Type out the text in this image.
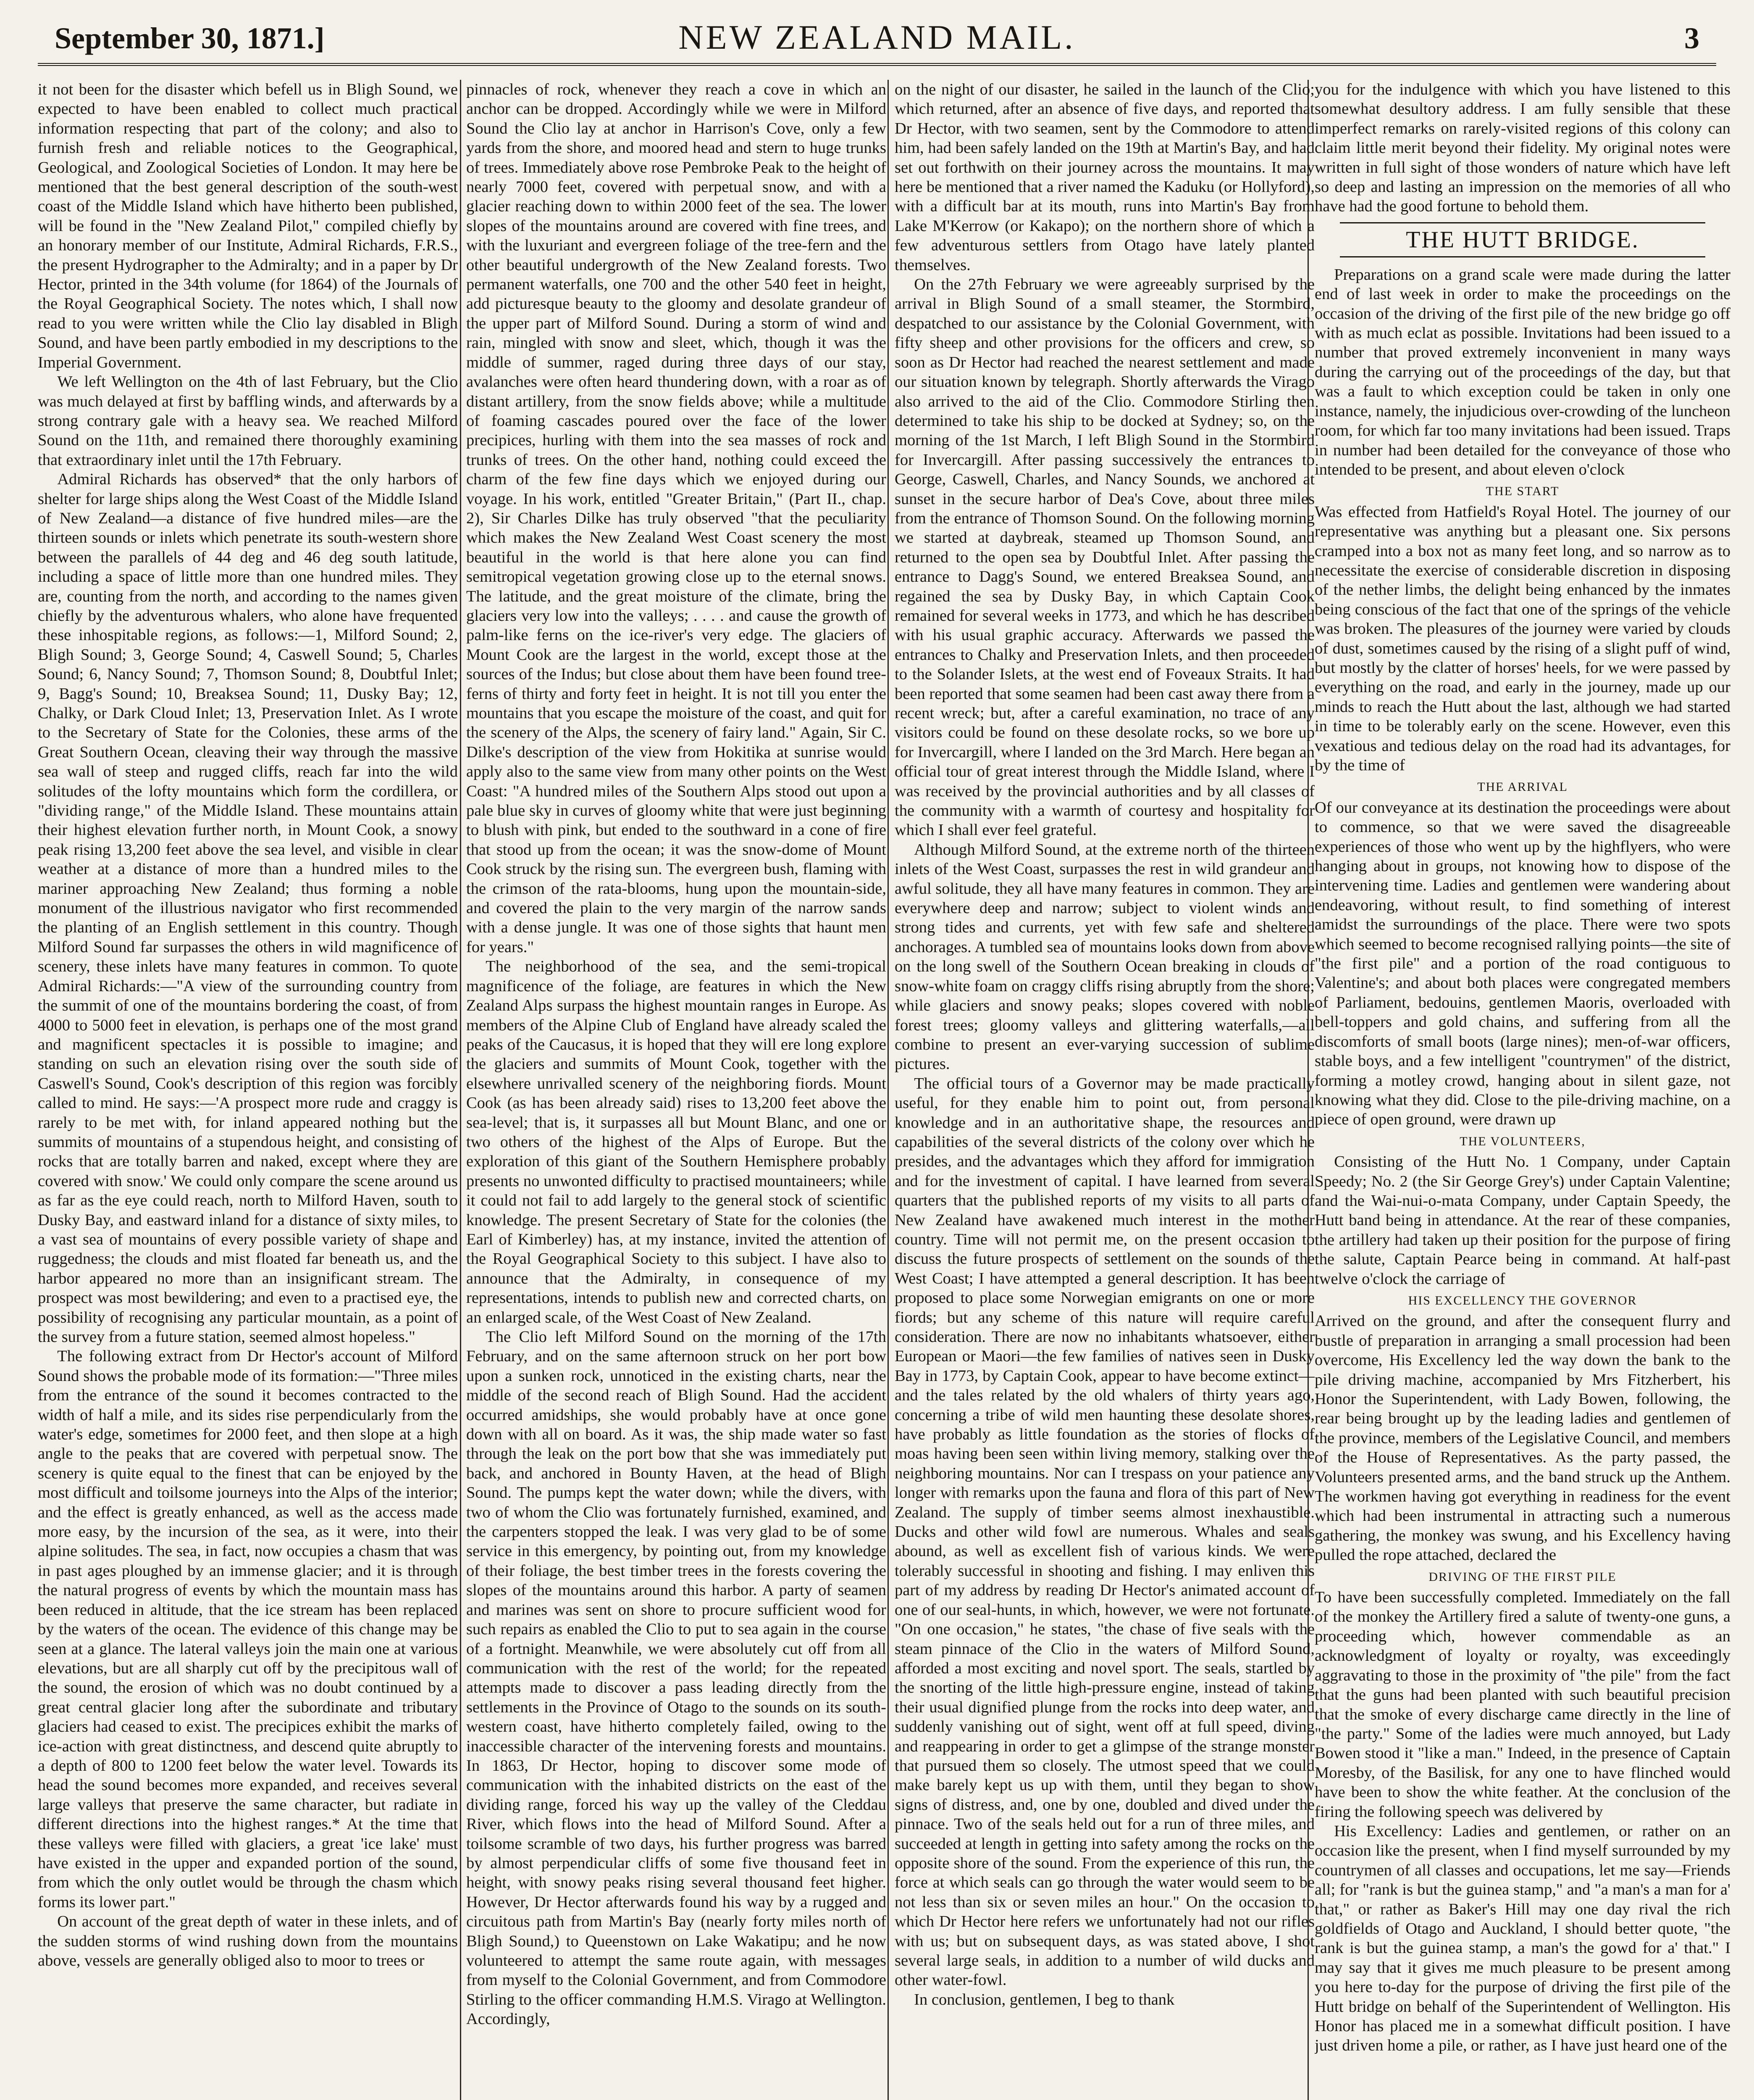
September 30, 1871.]	NEW ZEALAND MAIL.	3

it not been for the disaster which befell us in Bligh Sound, we expected to have been enabled to collect much practical information respecting that part of the colony; and also to furnish fresh and reliable notices to the Geographical, Geological, and Zoological Societies of London. It may here be mentioned that the best general description of the south-west coast of the Middle Island which have hitherto been published, will be found in the "New Zealand Pilot," compiled chiefly by an honorary member of our Institute, Admiral Richards, F.R.S., the present Hydrographer to the Admiralty; and in a paper by Dr Hector, printed in the 34th volume (for 1864) of the Journals of the Royal Geographical Society. The notes which, I shall now read to you were written while the Clio lay disabled in Bligh Sound, and have been partly embodied in my descriptions to the Imperial Government.

We left Wellington on the 4th of last February, but the Clio was much delayed at first by baffling winds, and afterwards by a strong contrary gale with a heavy sea. We reached Milford Sound on the 11th, and remained there thoroughly examining that extraordinary inlet until the 17th February.

Admiral Richards has observed* that the only harbors of shelter for large ships along the West Coast of the Middle Island of New Zealand—a distance of five hundred miles—are the thirteen sounds or inlets which penetrate its south-western shore between the parallels of 44 deg and 46 deg south latitude, including a space of little more than one hundred miles. They are, counting from the north, and according to the names given chiefly by the adventurous whalers, who alone have frequented these inhospitable regions, as follows:—1, Milford Sound; 2, Bligh Sound; 3, George Sound; 4, Caswell Sound; 5, Charles Sound; 6, Nancy Sound; 7, Thomson Sound; 8, Doubtful Inlet; 9, Bagg's Sound; 10, Breaksea Sound; 11, Dusky Bay; 12, Chalky, or Dark Cloud Inlet; 13, Preservation Inlet. As I wrote to the Secretary of State for the Colonies, these arms of the Great Southern Ocean, cleaving their way through the massive sea wall of steep and rugged cliffs, reach far into the wild solitudes of the lofty mountains which form the cordillera, or "dividing range," of the Middle Island. These mountains attain their highest elevation further north, in Mount Cook, a snowy peak rising 13,200 feet above the sea level, and visible in clear weather at a distance of more than a hundred miles to the mariner approaching New Zealand; thus forming a noble monument of the illustrious navigator who first recommended the planting of an English settlement in this country. Though Milford Sound far surpasses the others in wild magnificence of scenery, these inlets have many features in common. To quote Admiral Richards:—"A view of the surrounding country from the summit of one of the mountains bordering the coast, of from 4000 to 5000 feet in elevation, is perhaps one of the most grand and magnificent spectacles it is possible to imagine; and standing on such an elevation rising over the south side of Caswell's Sound, Cook's description of this region was forcibly called to mind. He says:—'A prospect more rude and craggy is rarely to be met with, for inland appeared nothing but the summits of mountains of a stupendous height, and consisting of rocks that are totally barren and naked, except where they are covered with snow.' We could only compare the scene around us as far as the eye could reach, north to Milford Haven, south to Dusky Bay, and eastward inland for a distance of sixty miles, to a vast sea of mountains of every possible variety of shape and ruggedness; the clouds and mist floated far beneath us, and the harbor appeared no more than an insignificant stream. The prospect was most bewildering; and even to a practised eye, the possibility of recognising any particular mountain, as a point of the survey from a future station, seemed almost hopeless."

The following extract from Dr Hector's account of Milford Sound shows the probable mode of its formation:—"Three miles from the entrance of the sound it becomes contracted to the width of half a mile, and its sides rise perpendicularly from the water's edge, sometimes for 2000 feet, and then slope at a high angle to the peaks that are covered with perpetual snow. The scenery is quite equal to the finest that can be enjoyed by the most difficult and toilsome journeys into the Alps of the interior; and the effect is greatly enhanced, as well as the access made more easy, by the incursion of the sea, as it were, into their alpine solitudes. The sea, in fact, now occupies a chasm that was in past ages ploughed by an immense glacier; and it is through the natural progress of events by which the mountain mass has been reduced in altitude, that the ice stream has been replaced by the waters of the ocean. The evidence of this change may be seen at a glance. The lateral valleys join the main one at various elevations, but are all sharply cut off by the precipitous wall of the sound, the erosion of which was no doubt continued by a great central glacier long after the subordinate and tributary glaciers had ceased to exist. The precipices exhibit the marks of ice-action with great distinctness, and descend quite abruptly to a depth of 800 to 1200 feet below the water level. Towards its head the sound becomes more expanded, and receives several large valleys that preserve the same character, but radiate in different directions into the highest ranges.* At the time that these valleys were filled with glaciers, a great 'ice lake' must have existed in the upper and expanded portion of the sound, from which the only outlet would be through the chasm which forms its lower part."

On account of the great depth of water in these inlets, and of the sudden storms of wind rushing down from the mountains above, vessels are generally obliged also to moor to trees or

pinnacles of rock, whenever they reach a cove in which an anchor can be dropped. Accordingly while we were in Milford Sound the Clio lay at anchor in Harrison's Cove, only a few yards from the shore, and moored head and stern to huge trunks of trees. Immediately above rose Pembroke Peak to the height of nearly 7000 feet, covered with perpetual snow, and with a glacier reaching down to within 2000 feet of the sea. The lower slopes of the mountains around are covered with fine trees, and with the luxuriant and evergreen foliage of the tree-fern and the other beautiful undergrowth of the New Zealand forests. Two permanent waterfalls, one 700 and the other 540 feet in height, add picturesque beauty to the gloomy and desolate grandeur of the upper part of Milford Sound. During a storm of wind and rain, mingled with snow and sleet, which, though it was the middle of summer, raged during three days of our stay, avalanches were often heard thundering down, with a roar as of distant artillery, from the snow fields above; while a multitude of foaming cascades poured over the face of the lower precipices, hurling with them into the sea masses of rock and trunks of trees. On the other hand, nothing could exceed the charm of the few fine days which we enjoyed during our voyage. In his work, entitled "Greater Britain," (Part II., chap. 2), Sir Charles Dilke has truly observed "that the peculiarity which makes the New Zealand West Coast scenery the most beautiful in the world is that here alone you can find semitropical vegetation growing close up to the eternal snows. The latitude, and the great moisture of the climate, bring the glaciers very low into the valleys; . . . . and cause the growth of palm-like ferns on the ice-river's very edge. The glaciers of Mount Cook are the largest in the world, except those at the sources of the Indus; but close about them have been found tree-ferns of thirty and forty feet in height. It is not till you enter the mountains that you escape the moisture of the coast, and quit for the scenery of the Alps, the scenery of fairy land." Again, Sir C. Dilke's description of the view from Hokitika at sunrise would apply also to the same view from many other points on the West Coast: "A hundred miles of the Southern Alps stood out upon a pale blue sky in curves of gloomy white that were just beginning to blush with pink, but ended to the southward in a cone of fire that stood up from the ocean; it was the snow-dome of Mount Cook struck by the rising sun. The evergreen bush, flaming with the crimson of the rata-blooms, hung upon the mountain-side, and covered the plain to the very margin of the narrow sands with a dense jungle. It was one of those sights that haunt men for years."

The neighborhood of the sea, and the semi-tropical magnificence of the foliage, are features in which the New Zealand Alps surpass the highest mountain ranges in Europe. As members of the Alpine Club of England have already scaled the peaks of the Caucasus, it is hoped that they will ere long explore the glaciers and summits of Mount Cook, together with the elsewhere unrivalled scenery of the neighboring fiords. Mount Cook (as has been already said) rises to 13,200 feet above the sea-level; that is, it surpasses all but Mount Blanc, and one or two others of the highest of the Alps of Europe. But the exploration of this giant of the Southern Hemisphere probably presents no unwonted difficulty to practised mountaineers; while it could not fail to add largely to the general stock of scientific knowledge. The present Secretary of State for the colonies (the Earl of Kimberley) has, at my instance, invited the attention of the Royal Geographical Society to this subject. I have also to announce that the Admiralty, in consequence of my representations, intends to publish new and corrected charts, on an enlarged scale, of the West Coast of New Zealand.

The Clio left Milford Sound on the morning of the 17th February, and on the same afternoon struck on her port bow upon a sunken rock, unnoticed in the existing charts, near the middle of the second reach of Bligh Sound. Had the accident occurred amidships, she would probably have at once gone down with all on board. As it was, the ship made water so fast through the leak on the port bow that she was immediately put back, and anchored in Bounty Haven, at the head of Bligh Sound. The pumps kept the water down; while the divers, with two of whom the Clio was fortunately furnished, examined, and the carpenters stopped the leak. I was very glad to be of some service in this emergency, by pointing out, from my knowledge of their foliage, the best timber trees in the forests covering the slopes of the mountains around this harbor. A party of seamen and marines was sent on shore to procure sufficient wood for such repairs as enabled the Clio to put to sea again in the course of a fortnight. Meanwhile, we were absolutely cut off from all communication with the rest of the world; for the repeated attempts made to discover a pass leading directly from the settlements in the Province of Otago to the sounds on its south-western coast, have hitherto completely failed, owing to the inaccessible character of the intervening forests and mountains. In 1863, Dr Hector, hoping to discover some mode of communication with the inhabited districts on the east of the dividing range, forced his way up the valley of the Cleddau River, which flows into the head of Milford Sound. After a toilsome scramble of two days, his further progress was barred by almost perpendicular cliffs of some five thousand feet in height, with snowy peaks rising several thousand feet higher. However, Dr Hector afterwards found his way by a rugged and circuitous path from Martin's Bay (nearly forty miles north of Bligh Sound,) to Queenstown on Lake Wakatipu; and he now volunteered to attempt the same route again, with messages from myself to the Colonial Government, and from Commodore Stirling to the officer commanding H.M.S. Virago at Wellington. Accordingly,

on the night of our disaster, he sailed in the launch of the Clio; which returned, after an absence of five days, and reported that Dr Hector, with two seamen, sent by the Commodore to attend him, had been safely landed on the 19th at Martin's Bay, and had set out forthwith on their journey across the mountains. It may here be mentioned that a river named the Kaduku (or Hollyford), with a difficult bar at its mouth, runs into Martin's Bay from Lake M'Kerrow (or Kakapo); on the northern shore of which a few adventurous settlers from Otago have lately planted themselves.

On the 27th February we were agreeably surprised by the arrival in Bligh Sound of a small steamer, the Stormbird, despatched to our assistance by the Colonial Government, with fifty sheep and other provisions for the officers and crew, so soon as Dr Hector had reached the nearest settlement and made our situation known by telegraph. Shortly afterwards the Virago also arrived to the aid of the Clio. Commodore Stirling then determined to take his ship to be docked at Sydney; so, on the morning of the 1st March, I left Bligh Sound in the Stormbird for Invercargill. After passing successively the entrances to George, Caswell, Charles, and Nancy Sounds, we anchored at sunset in the secure harbor of Dea's Cove, about three miles from the entrance of Thomson Sound. On the following morning we started at daybreak, steamed up Thomson Sound, and returned to the open sea by Doubtful Inlet. After passing the entrance to Dagg's Sound, we entered Breaksea Sound, and regained the sea by Dusky Bay, in which Captain Cook remained for several weeks in 1773, and which he has described with his usual graphic accuracy. Afterwards we passed the entrances to Chalky and Preservation Inlets, and then proceeded to the Solander Islets, at the west end of Foveaux Straits. It had been reported that some seamen had been cast away there from a recent wreck; but, after a careful examination, no trace of any visitors could be found on these desolate rocks, so we bore up for Invercargill, where I landed on the 3rd March. Here began an official tour of great interest through the Middle Island, where I was received by the provincial authorities and by all classes of the community with a warmth of courtesy and hospitality for which I shall ever feel grateful.

Although Milford Sound, at the extreme north of the thirteen inlets of the West Coast, surpasses the rest in wild grandeur and awful solitude, they all have many features in common. They are everywhere deep and narrow; subject to violent winds and strong tides and currents, yet with few safe and sheltered anchorages. A tumbled sea of mountains looks down from above on the long swell of the Southern Ocean breaking in clouds of snow-white foam on craggy cliffs rising abruptly from the shore; while glaciers and snowy peaks; slopes covered with noble forest trees; gloomy valleys and glittering waterfalls,—all combine to present an ever-varying succession of sublime pictures.

The official tours of a Governor may be made practically useful, for they enable him to point out, from personal knowledge and in an authoritative shape, the resources and capabilities of the several districts of the colony over which he presides, and the advantages which they afford for immigration and for the investment of capital. I have learned from several quarters that the published reports of my visits to all parts of New Zealand have awakened much interest in the mother country. Time will not permit me, on the present occasion to discuss the future prospects of settlement on the sounds of the West Coast; I have attempted a general description. It has been proposed to place some Norwegian emigrants on one or more fiords; but any scheme of this nature will require careful consideration. There are now no inhabitants whatsoever, either European or Maori—the few families of natives seen in Dusky Bay in 1773, by Captain Cook, appear to have become extinct—and the tales related by the old whalers of thirty years ago, concerning a tribe of wild men haunting these desolate shores, have probably as little foundation as the stories of flocks of moas having been seen within living memory, stalking over the neighboring mountains. Nor can I trespass on your patience any longer with remarks upon the fauna and flora of this part of New Zealand. The supply of timber seems almost inexhaustible. Ducks and other wild fowl are numerous. Whales and seals abound, as well as excellent fish of various kinds. We were tolerably successful in shooting and fishing. I may enliven this part of my address by reading Dr Hector's animated account of one of our seal-hunts, in which, however, we were not fortunate. "On one occasion," he states, "the chase of five seals with the steam pinnace of the Clio in the waters of Milford Sound, afforded a most exciting and novel sport. The seals, startled by the snorting of the little high-pressure engine, instead of taking their usual dignified plunge from the rocks into deep water, and suddenly vanishing out of sight, went off at full speed, diving and reappearing in order to get a glimpse of the strange monster that pursued them so closely. The utmost speed that we could make barely kept us up with them, until they began to show signs of distress, and, one by one, doubled and dived under the pinnace. Two of the seals held out for a run of three miles, and succeeded at length in getting into safety among the rocks on the opposite shore of the sound. From the experience of this run, the force at which seals can go through the water would seem to be not less than six or seven miles an hour." On the occasion to which Dr Hector here refers we unfortunately had not our rifles with us; but on subsequent days, as was stated above, I shot several large seals, in addition to a number of wild ducks and other water-fowl.

In conclusion, gentlemen, I beg to thank

you for the indulgence with which you have listened to this somewhat desultory address. I am fully sensible that these imperfect remarks on rarely-visited regions of this colony can claim little merit beyond their fidelity. My original notes were written in full sight of those wonders of nature which have left so deep and lasting an impression on the memories of all who have had the good fortune to behold them.

THE HUTT BRIDGE.

Preparations on a grand scale were made during the latter end of last week in order to make the proceedings on the occasion of the driving of the first pile of the new bridge go off with as much eclat as possible. Invitations had been issued to a number that proved extremely inconvenient in many ways during the carrying out of the proceedings of the day, but that was a fault to which exception could be taken in only one instance, namely, the injudicious over-crowding of the luncheon room, for which far too many invitations had been issued. Traps in number had been detailed for the conveyance of those who intended to be present, and about eleven o'clock

THE START

Was effected from Hatfield's Royal Hotel. The journey of our representative was anything but a pleasant one. Six persons cramped into a box not as many feet long, and so narrow as to necessitate the exercise of considerable discretion in disposing of the nether limbs, the delight being enhanced by the inmates being conscious of the fact that one of the springs of the vehicle was broken. The pleasures of the journey were varied by clouds of dust, sometimes caused by the rising of a slight puff of wind, but mostly by the clatter of horses' heels, for we were passed by everything on the road, and early in the journey, made up our minds to reach the Hutt about the last, although we had started in time to be tolerably early on the scene. However, even this vexatious and tedious delay on the road had its advantages, for by the time of

THE ARRIVAL

Of our conveyance at its destination the proceedings were about to commence, so that we were saved the disagreeable experiences of those who went up by the highflyers, who were hanging about in groups, not knowing how to dispose of the intervening time. Ladies and gentlemen were wandering about endeavoring, without result, to find something of interest amidst the surroundings of the place. There were two spots which seemed to become recognised rallying points—the site of "the first pile" and a portion of the road contiguous to Valentine's; and about both places were congregated members of Parliament, bedouins, gentlemen Maoris, overloaded with bell-toppers and gold chains, and suffering from all the discomforts of small boots (large nines); men-of-war officers, stable boys, and a few intelligent "countrymen" of the district, forming a motley crowd, hanging about in silent gaze, not knowing what they did. Close to the pile-driving machine, on a piece of open ground, were drawn up

THE VOLUNTEERS,

Consisting of the Hutt No. 1 Company, under Captain Speedy; No. 2 (the Sir George Grey's) under Captain Valentine; and the Wai-nui-o-mata Company, under Captain Speedy, the Hutt band being in attendance. At the rear of these companies, the artillery had taken up their position for the purpose of firing the salute, Captain Pearce being in command. At half-past twelve o'clock the carriage of

HIS EXCELLENCY THE GOVERNOR

Arrived on the ground, and after the consequent flurry and bustle of preparation in arranging a small procession had been overcome, His Excellency led the way down the bank to the pile driving machine, accompanied by Mrs Fitzherbert, his Honor the Superintendent, with Lady Bowen, following, the rear being brought up by the leading ladies and gentlemen of the province, members of the Legislative Council, and members of the House of Representatives. As the party passed, the Volunteers presented arms, and the band struck up the Anthem. The workmen having got everything in readiness for the event which had been instrumental in attracting such a numerous gathering, the monkey was swung, and his Excellency having pulled the rope attached, declared the

DRIVING OF THE FIRST PILE

To have been successfully completed. Immediately on the fall of the monkey the Artillery fired a salute of twenty-one guns, a proceeding which, however commendable as an acknowledgment of loyalty or royalty, was exceedingly aggravating to those in the proximity of "the pile" from the fact that the guns had been planted with such beautiful precision that the smoke of every discharge came directly in the line of "the party." Some of the ladies were much annoyed, but Lady Bowen stood it "like a man." Indeed, in the presence of Captain Moresby, of the Basilisk, for any one to have flinched would have been to show the white feather. At the conclusion of the firing the following speech was delivered by

His Excellency: Ladies and gentlemen, or rather on an occasion like the present, when I find myself surrounded by my countrymen of all classes and occupations, let me say—Friends all; for "rank is but the guinea stamp," and "a man's a man for a' that," or rather as Baker's Hill may one day rival the rich goldfields of Otago and Auckland, I should better quote, "the rank is but the guinea stamp, a man's the gowd for a' that." I may say that it gives me much pleasure to be present among you here to-day for the purpose of driving the first pile of the Hutt bridge on behalf of the Superintendent of Wellington. His Honor has placed me in a somewhat difficult position. I have just driven home a pile, or rather, as I have just heard one of the
